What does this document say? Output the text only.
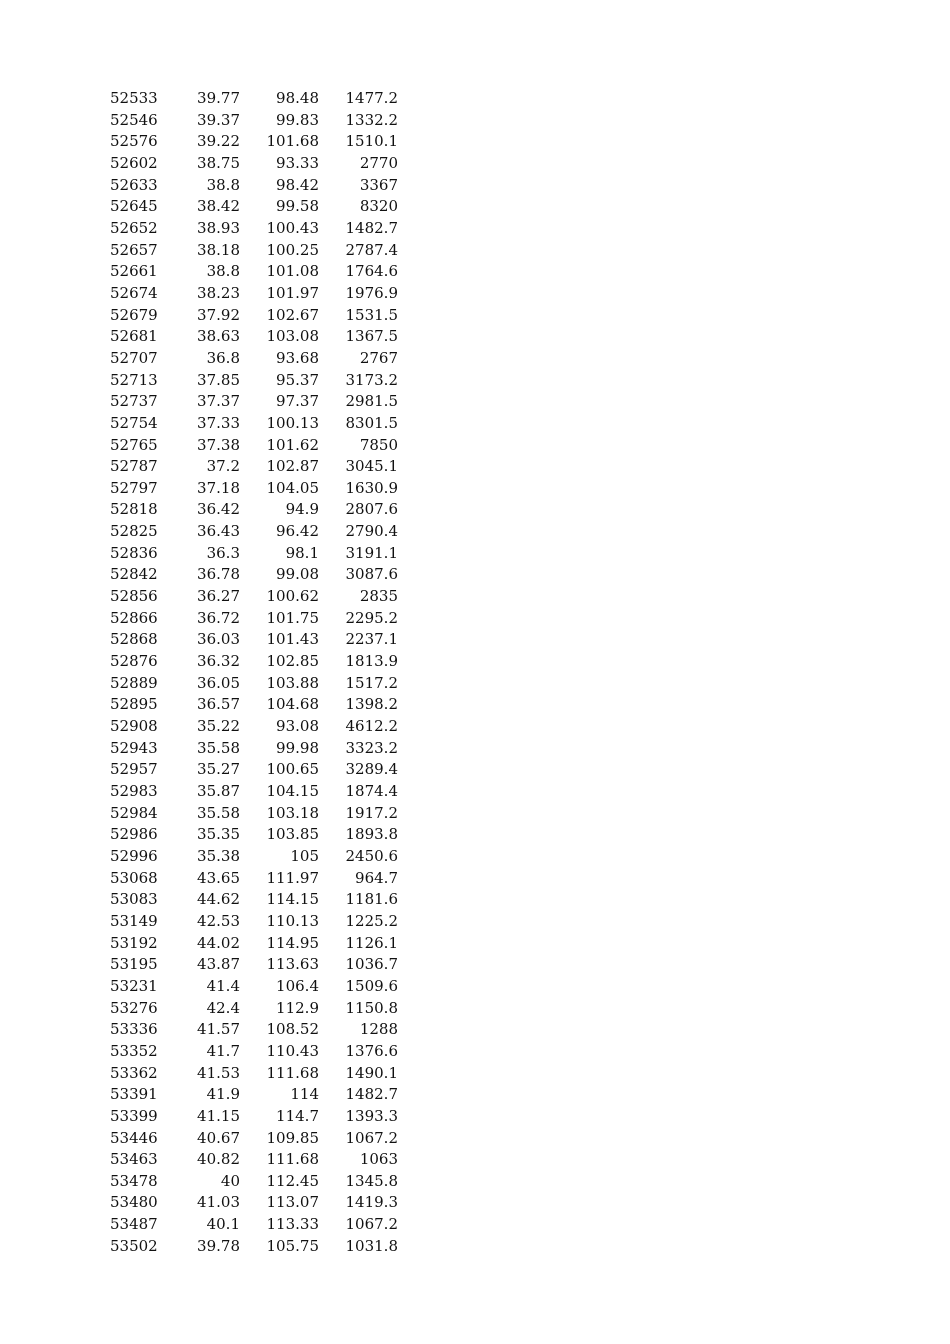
52533	39.77	98.48	1477.2
52546	39.37	99.83	1332.2
52576	39.22	101.68	1510.1
52602	38.75	93.33	2770
52633	38.8	98.42	3367
52645	38.42	99.58	8320
52652	38.93	100.43	1482.7
52657	38.18	100.25	2787.4
52661	38.8	101.08	1764.6
52674	38.23	101.97	1976.9
52679	37.92	102.67	1531.5
52681	38.63	103.08	1367.5
52707	36.8	93.68	2767
52713	37.85	95.37	3173.2
52737	37.37	97.37	2981.5
52754	37.33	100.13	8301.5
52765	37.38	101.62	7850
52787	37.2	102.87	3045.1
52797	37.18	104.05	1630.9
52818	36.42	94.9	2807.6
52825	36.43	96.42	2790.4
52836	36.3	98.1	3191.1
52842	36.78	99.08	3087.6
52856	36.27	100.62	2835
52866	36.72	101.75	2295.2
52868	36.03	101.43	2237.1
52876	36.32	102.85	1813.9
52889	36.05	103.88	1517.2
52895	36.57	104.68	1398.2
52908	35.22	93.08	4612.2
52943	35.58	99.98	3323.2
52957	35.27	100.65	3289.4
52983	35.87	104.15	1874.4
52984	35.58	103.18	1917.2
52986	35.35	103.85	1893.8
52996	35.38	105	2450.6
53068	43.65	111.97	964.7
53083	44.62	114.15	1181.6
53149	42.53	110.13	1225.2
53192	44.02	114.95	1126.1
53195	43.87	113.63	1036.7
53231	41.4	106.4	1509.6
53276	42.4	112.9	1150.8
53336	41.57	108.52	1288
53352	41.7	110.43	1376.6
53362	41.53	111.68	1490.1
53391	41.9	114	1482.7
53399	41.15	114.7	1393.3
53446	40.67	109.85	1067.2
53463	40.82	111.68	1063
53478	40	112.45	1345.8
53480	41.03	113.07	1419.3
53487	40.1	113.33	1067.2
53502	39.78	105.75	1031.8
